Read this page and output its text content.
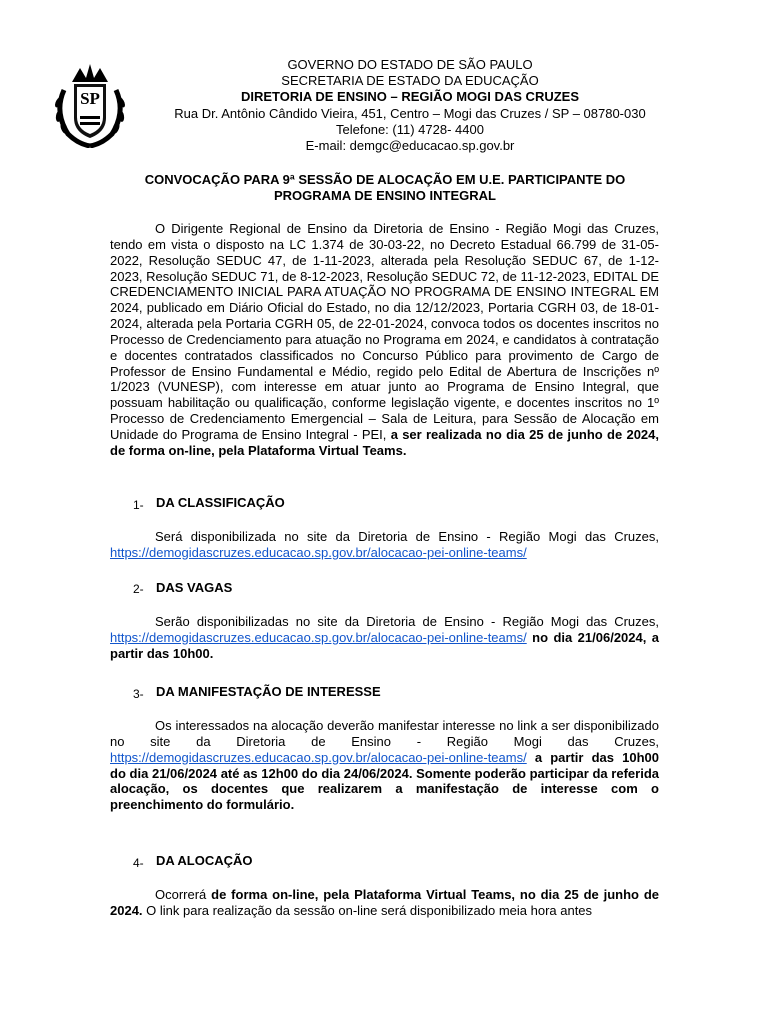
SP
GOVERNO DO ESTADO DE SÃO PAULO
SECRETARIA DE ESTADO DA EDUCAÇÃO
DIRETORIA DE ENSINO – REGIÃO MOGI DAS CRUZES
Rua Dr. Antônio Cândido Vieira, 451, Centro – Mogi das Cruzes / SP – 08780-030
Telefone: (11) 4728- 4400
E-mail: demgc@educacao.sp.gov.br
CONVOCAÇÃO PARA 9ª SESSÃO DE ALOCAÇÃO EM U.E. PARTICIPANTE DO
PROGRAMA DE ENSINO INTEGRAL
O Dirigente Regional de Ensino da Diretoria de Ensino - Região Mogi das Cruzes, tendo em vista o disposto na LC 1.374 de 30-03-22, no Decreto Estadual 66.799 de 31-05-2022, Resolução SEDUC 47, de 1-11-2023, alterada pela Resolução SEDUC 67, de 1-12-2023, Resolução SEDUC 71, de 8-12-2023, Resolução SEDUC 72, de 11-12-2023, EDITAL DE CREDENCIAMENTO INICIAL PARA ATUAÇÃO NO PROGRAMA DE ENSINO INTEGRAL EM 2024, publicado em Diário Oficial do Estado, no dia 12/12/2023, Portaria CGRH 03, de 18-01-2024, alterada pela Portaria CGRH 05, de 22-01-2024, convoca todos os docentes inscritos no Processo de Credenciamento para atuação no Programa em 2024, e candidatos à contratação e docentes contratados classificados no Concurso Público para provimento de Cargo de Professor de Ensino Fundamental e Médio, regido pelo Edital de Abertura de Inscrições nº 1/2023 (VUNESP), com interesse em atuar junto ao Programa de Ensino Integral, que possuam habilitação ou qualificação, conforme legislação vigente, e docentes inscritos no 1º Processo de Credenciamento Emergencial – Sala de Leitura, para Sessão de Alocação em Unidade do Programa de Ensino Integral - PEI, a ser realizada no dia 25 de junho de 2024, de forma on-line, pela Plataforma Virtual Teams.
1- DA CLASSIFICAÇÃO
Será disponibilizada no site da Diretoria de Ensino - Região Mogi das Cruzes, https://demogidascruzes.educacao.sp.gov.br/alocacao-pei-online-teams/
2- DAS VAGAS
Serão disponibilizadas no site da Diretoria de Ensino - Região Mogi das Cruzes, https://demogidascruzes.educacao.sp.gov.br/alocacao-pei-online-teams/ no dia 21/06/2024, a partir das 10h00.
3- DA MANIFESTAÇÃO DE INTERESSE
Os interessados na alocação deverão manifestar interesse no link a ser disponibilizado no site da Diretoria de Ensino - Região Mogi das Cruzes, https://demogidascruzes.educacao.sp.gov.br/alocacao-pei-online-teams/ a partir das 10h00 do dia 21/06/2024 até as 12h00 do dia 24/06/2024. Somente poderão participar da referida alocação, os docentes que realizarem a manifestação de interesse com o preenchimento do formulário.
4- DA ALOCAÇÃO
Ocorrerá de forma on-line, pela Plataforma Virtual Teams, no dia 25 de junho de 2024. O link para realização da sessão on-line será disponibilizado meia hora antes
